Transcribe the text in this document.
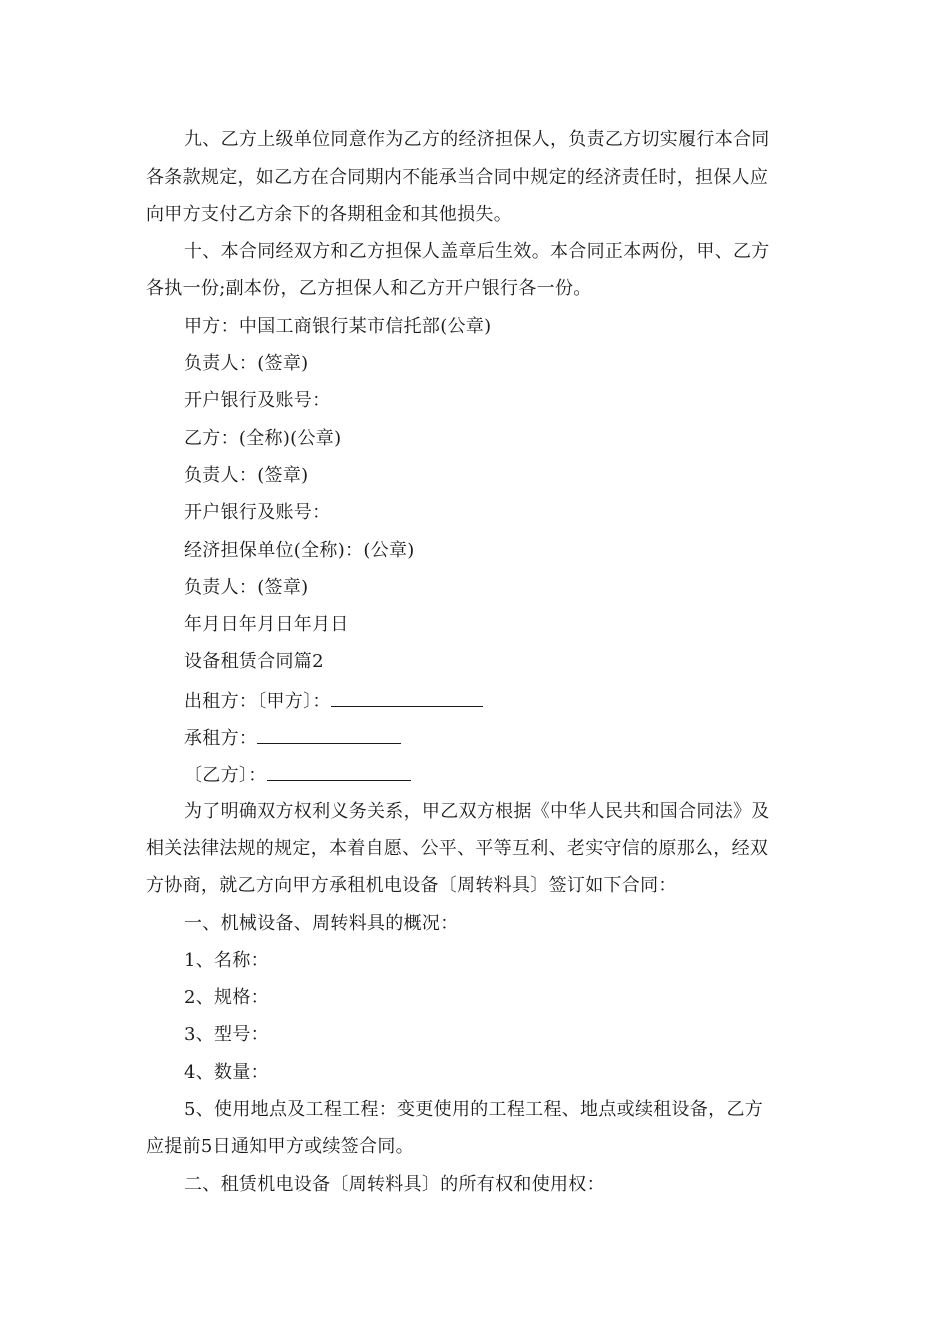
九、乙方上级单位同意作为乙方的经济担保人，负责乙方切实履行本合同
各条款规定，如乙方在合同期内不能承当合同中规定的经济责任时，担保人应
向甲方支付乙方余下的各期租金和其他损失。
十、本合同经双方和乙方担保人盖章后生效。本合同正本两份，甲、乙方
各执一份;副本份，乙方担保人和乙方开户银行各一份。
甲方：中国工商银行某市信托部(公章)
负责人：(签章)
开户银行及账号：
乙方：(全称)(公章)
负责人：(签章)
开户银行及账号：
经济担保单位(全称)：(公章)
负责人：(签章)
年月日年月日年月日
设备租赁合同篇2
出租方：〔甲方〕：
承租方：
〔乙方〕：
为了明确双方权利义务关系，甲乙双方根据《中华人民共和国合同法》及
相关法律法规的规定，本着自愿、公平、平等互利、老实守信的原那么，经双
方协商，就乙方向甲方承租机电设备〔周转料具〕签订如下合同：
一、机械设备、周转料具的概况：
1、名称：
2、规格：
3、型号：
4、数量：
5、使用地点及工程工程：变更使用的工程工程、地点或续租设备，乙方
应提前5日通知甲方或续签合同。
二、租赁机电设备〔周转料具〕的所有权和使用权：
